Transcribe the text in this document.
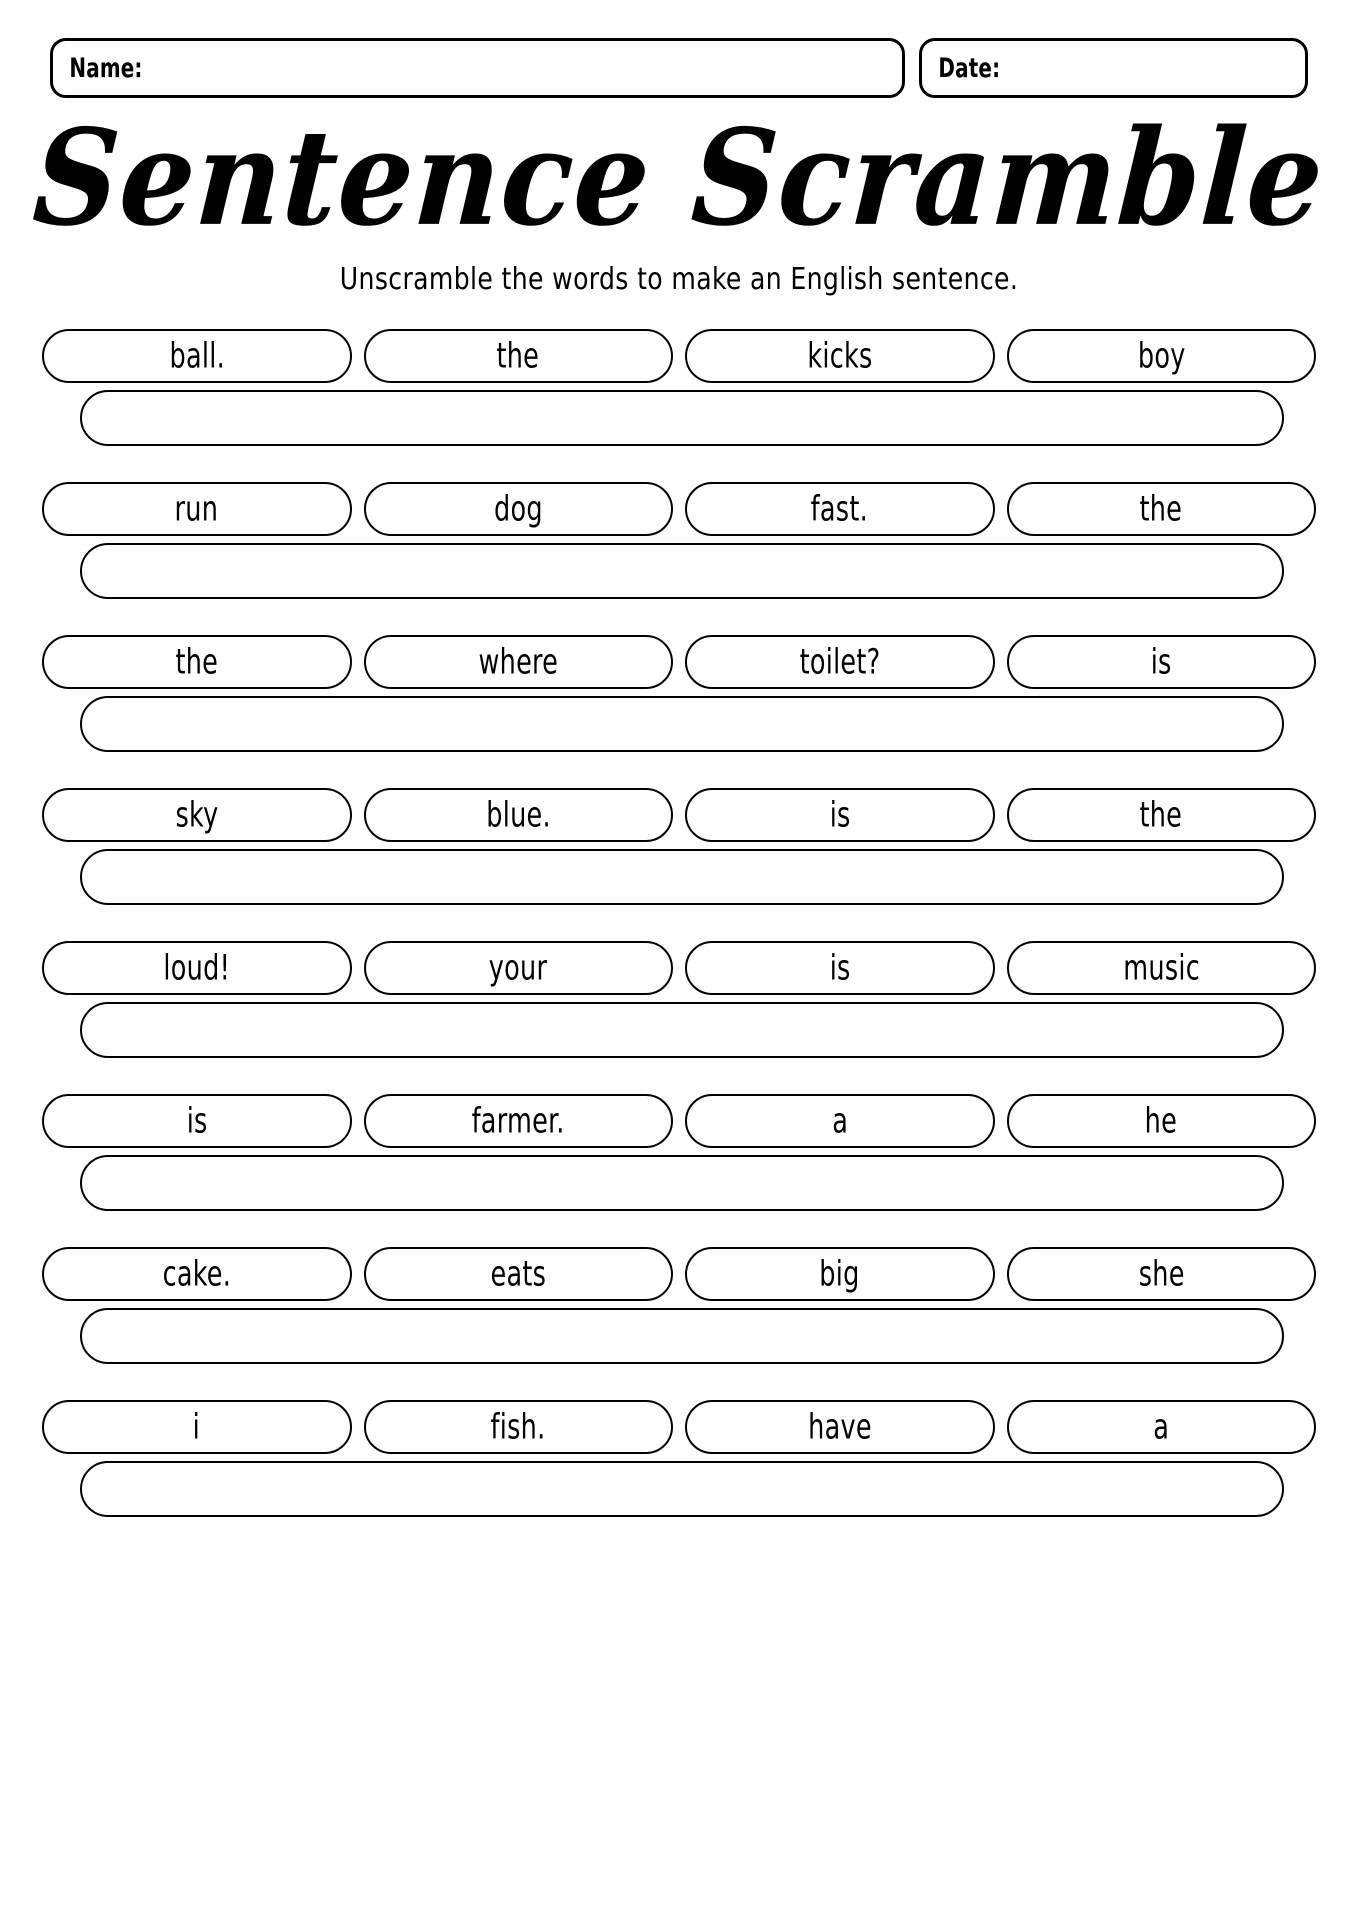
Name:	Date:
Sentence Scramble
Unscramble the words to make an English sentence.
ball.	the	kicks	boy
run	dog	fast.	the
the	where	toilet?	is
sky	blue.	is	the
loud!	your	is	music
is	farmer.	a	he
cake.	eats	big	she
i	fish.	have	a
